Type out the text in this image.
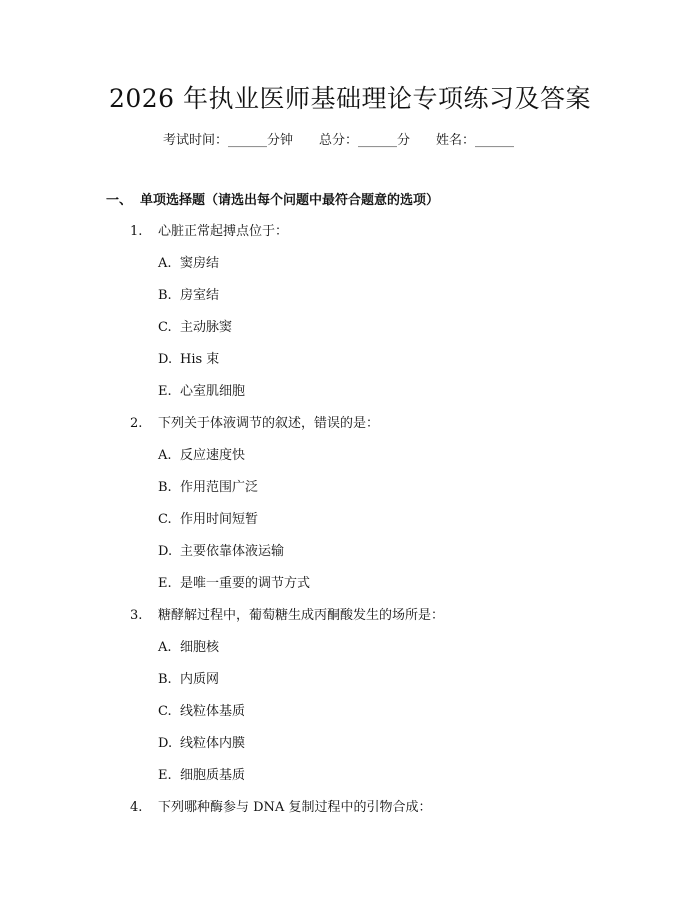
2026 年执业医师基础理论专项练习及答案
考试时间：______分钟 总分：______分 姓名：______
一、 单项选择题（请选出每个问题中最符合题意的选项）
1. 心脏正常起搏点位于：
A. 窦房结
B. 房室结
C. 主动脉窦
D. His 束
E. 心室肌细胞
2. 下列关于体液调节的叙述，错误的是：
A. 反应速度快
B. 作用范围广泛
C. 作用时间短暂
D. 主要依靠体液运输
E. 是唯一重要的调节方式
3. 糖酵解过程中，葡萄糖生成丙酮酸发生的场所是：
A. 细胞核
B. 内质网
C. 线粒体基质
D. 线粒体内膜
E. 细胞质基质
4. 下列哪种酶参与 DNA 复制过程中的引物合成：
